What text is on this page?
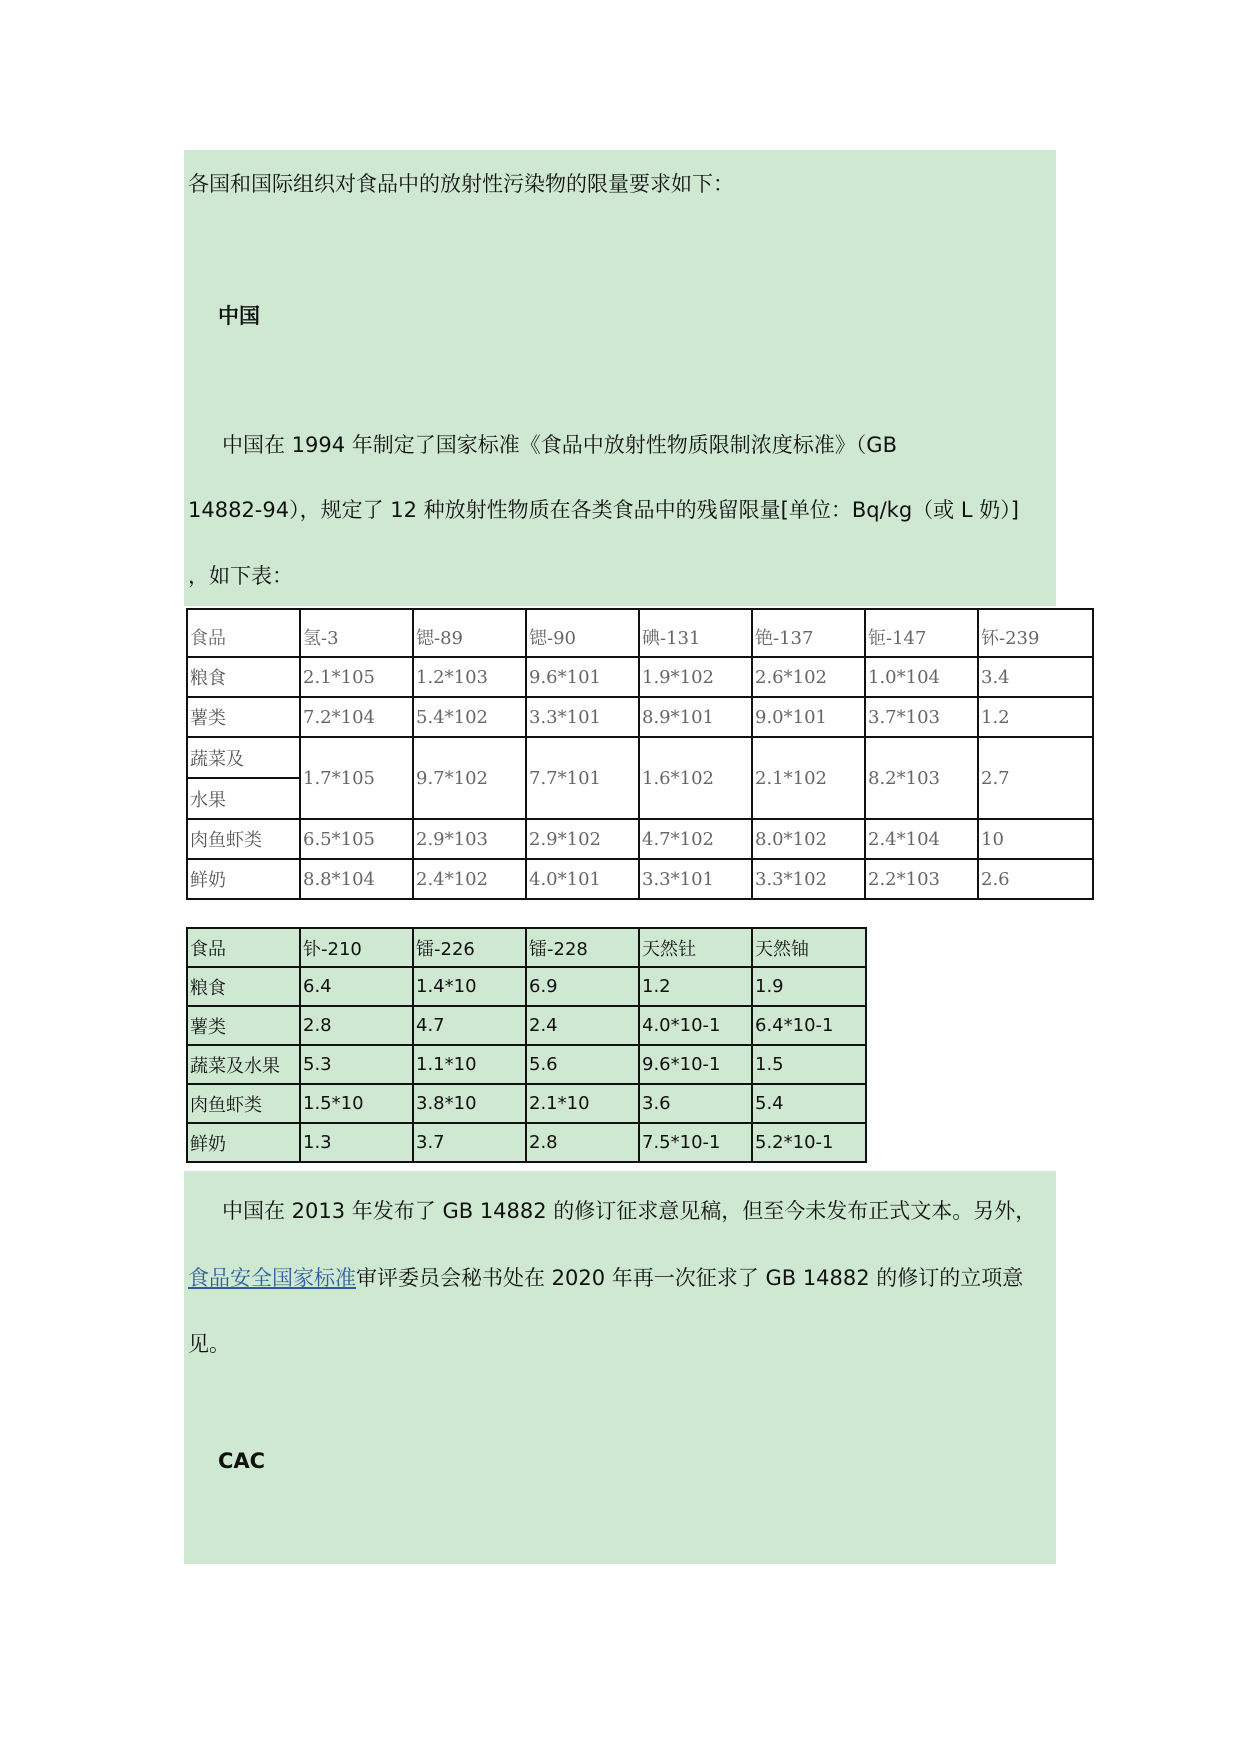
各国和国际组织对食品中的放射性污染物的限量要求如下：
中国
中国在 1994 年制定了国家标准《食品中放射性物质限制浓度标准》（GB
14882-94），规定了 12 种放射性物质在各类食品中的残留限量[单位：Bq/kg（或 L 奶）]
，如下表：
食品	氢-3	锶-89	锶-90	碘-131	铯-137	钷-147	钚-239
粮食	2.1*105	1.2*103	9.6*101	1.9*102	2.6*102	1.0*104	3.4
薯类	7.2*104	5.4*102	3.3*101	8.9*101	9.0*101	3.7*103	1.2

蔬菜及
水果	1.7*105	9.7*102	7.7*101	1.6*102	2.1*102	8.2*103	2.7
肉鱼虾类	6.5*105	2.9*103	2.9*102	4.7*102	8.0*102	2.4*104	10
鲜奶	8.8*104	2.4*102	4.0*101	3.3*101	3.3*102	2.2*103	2.6
食品	钋-210	镭-226	镭-228	天然钍	天然铀
粮食	6.4	1.4*10	6.9	1.2	1.9
薯类	2.8	4.7	2.4	4.0*10-1	6.4*10-1
蔬菜及水果	5.3	1.1*10	5.6	9.6*10-1	1.5
肉鱼虾类	1.5*10	3.8*10	2.1*10	3.6	5.4
鲜奶	1.3	3.7	2.8	7.5*10-1	5.2*10-1
中国在 2013 年发布了 GB 14882 的修订征求意见稿，但至今未发布正式文本。另外，
食品安全国家标准审评委员会秘书处在 2020 年再一次征求了 GB 14882 的修订的立项意
见。
CAC
